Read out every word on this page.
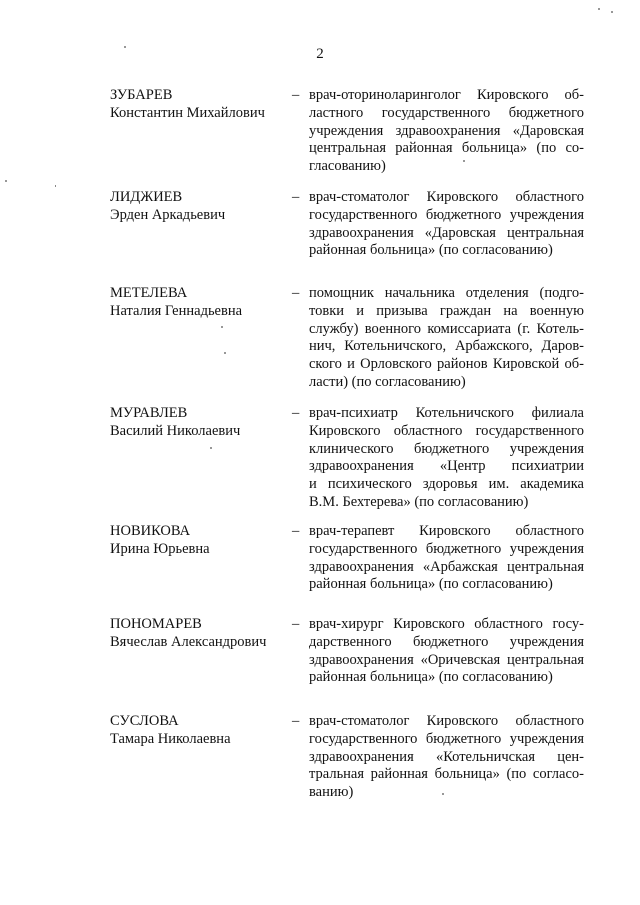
2
ЗУБАРЕВ
Константин Михайлович
– врач-оториноларинголог Кировского об-
ластного государственного бюджетного
учреждения здравоохранения «Даровская
центральная районная больница» (по со-
гласованию)
ЛИДЖИЕВ
Эрден Аркадьевич
– врач-стоматолог Кировского областного
государственного бюджетного учреждения
здравоохранения «Даровская центральная
районная больница» (по согласованию)
МЕТЕЛЕВА
Наталия Геннадьевна
– помощник начальника отделения (подго-
товки и призыва граждан на военную
службу) военного комиссариата (г. Котель-
нич, Котельничского, Арбажского, Даров-
ского и Орловского районов Кировской об-
ласти) (по согласованию)
МУРАВЛЕВ
Василий Николаевич
– врач-психиатр Котельничского филиала
Кировского областного государственного
клинического бюджетного учреждения
здравоохранения «Центр психиатрии
и психического здоровья им. академика
В.М. Бехтерева» (по согласованию)
НОВИКОВА
Ирина Юрьевна
– врач-терапевт Кировского областного
государственного бюджетного учреждения
здравоохранения «Арбажская центральная
районная больница» (по согласованию)
ПОНОМАРЕВ
Вячеслав Александрович
– врач-хирург Кировского областного госу-
дарственного бюджетного учреждения
здравоохранения «Оричевская центральная
районная больница» (по согласованию)
СУСЛОВА
Тамара Николаевна
– врач-стоматолог Кировского областного
государственного бюджетного учреждения
здравоохранения «Котельничская цен-
тральная районная больница» (по согласо-
ванию)
